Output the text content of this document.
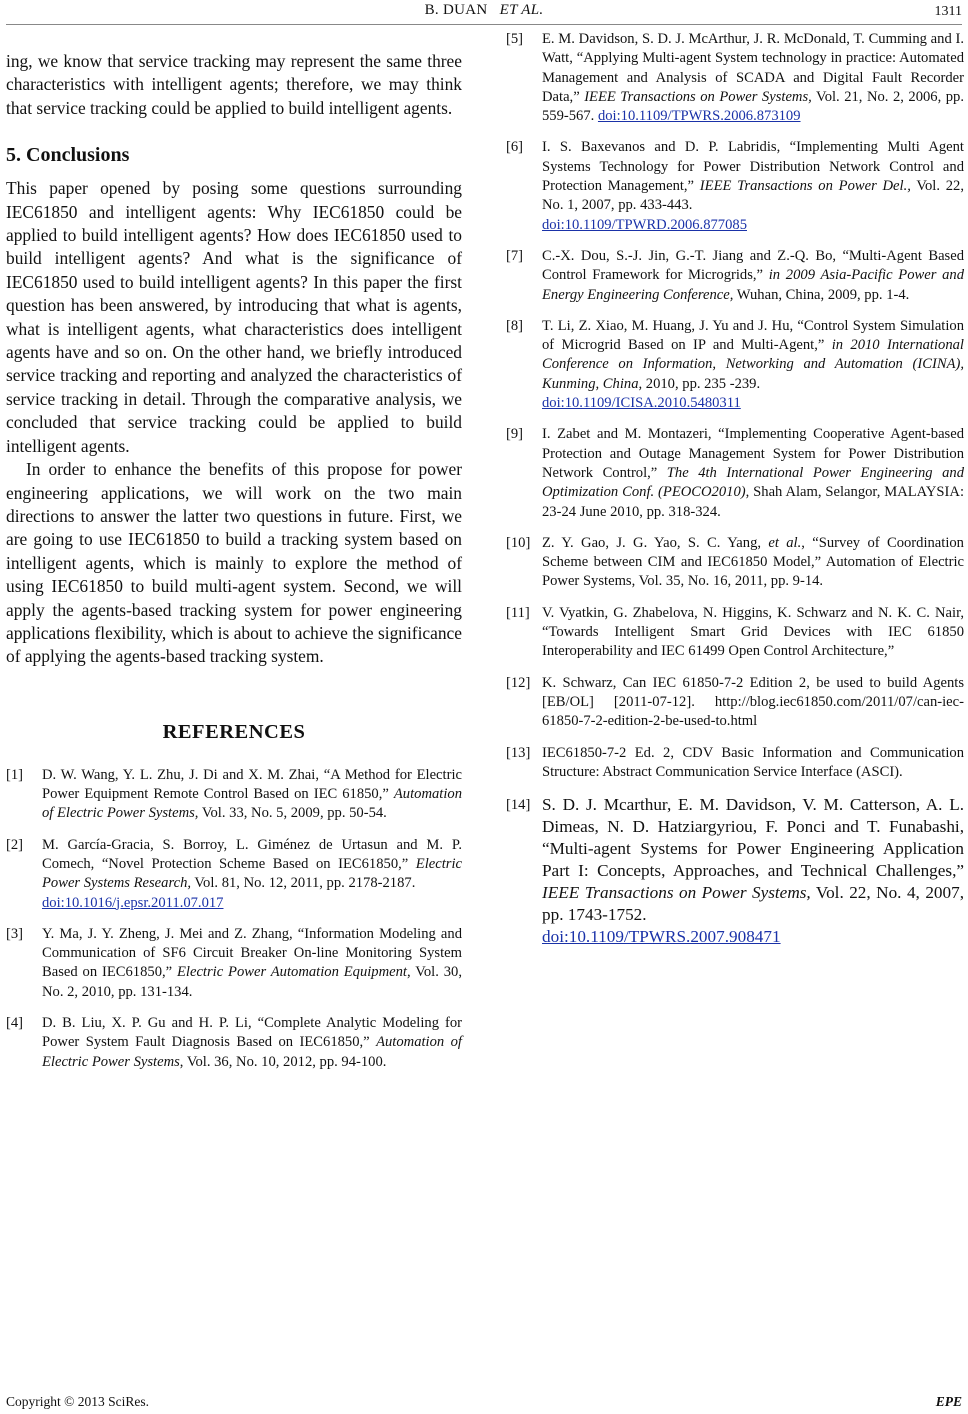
B. DUAN ET AL.	1311

ing, we know that service tracking may represent the same three characteristics with intelligent agents; therefore, we may think that service tracking could be applied to build intelligent agents.

5. Conclusions

This paper opened by posing some questions surrounding IEC61850 and intelligent agents: Why IEC61850 could be applied to build intelligent agents? How does IEC61850 used to build intelligent agents? And what is the significance of IEC61850 used to build intelligent agents? In this paper the first question has been answered, by introducing that what is agents, what is intelligent agents, what characteristics does intelligent agents have and so on. On the other hand, we briefly introduced service tracking and reporting and analyzed the characteristics of service tracking in detail. Through the comparative analysis, we concluded that service tracking could be applied to build intelligent agents.

In order to enhance the benefits of this propose for power engineering applications, we will work on the two main directions to answer the latter two questions in future. First, we are going to use IEC61850 to build a tracking system based on intelligent agents, which is mainly to explore the method of using IEC61850 to build multi-agent system. Second, we will apply the agents-based tracking system for power engineering applications flexibility, which is about to achieve the significance of applying the agents-based tracking system.

REFERENCES
[1]	D. W. Wang, Y. L. Zhu, J. Di and X. M. Zhai, “A Method for Electric Power Equipment Remote Control Based on IEC 61850,” Automation of Electric Power Systems, Vol. 33, No. 5, 2009, pp. 50-54.
[2]	M. García-Gracia, S. Borroy, L. Giménez de Urtasun and M. P. Comech, “Novel Protection Scheme Based on IEC61850,” Electric Power Systems Research, Vol. 81, No. 12, 2011, pp. 2178-2187.
doi:10.1016/j.epsr.2011.07.017
[3]	Y. Ma, J. Y. Zheng, J. Mei and Z. Zhang, “Information Modeling and Communication of SF6 Circuit Breaker On-line Monitoring System Based on IEC61850,” Electric Power Automation Equipment, Vol. 30, No. 2, 2010, pp. 131-134.
[4]	D. B. Liu, X. P. Gu and H. P. Li, “Complete Analytic Modeling for Power System Fault Diagnosis Based on IEC61850,” Automation of Electric Power Systems, Vol. 36, No. 10, 2012, pp. 94-100.
[5]	E. M. Davidson, S. D. J. McArthur, J. R. McDonald, T. Cumming and I. Watt, “Applying Multi-agent System technology in practice: Automated Management and Analysis of SCADA and Digital Fault Recorder Data,” IEEE Transactions on Power Systems, Vol. 21, No. 2, 2006, pp. 559-567. doi:10.1109/TPWRS.2006.873109
[6]	I. S. Baxevanos and D. P. Labridis, “Implementing Multi Agent Systems Technology for Power Distribution Network Control and Protection Management,” IEEE Transactions on Power Del., Vol. 22, No. 1, 2007, pp. 433-443.
doi:10.1109/TPWRD.2006.877085
[7]	C.-X. Dou, S.-J. Jin, G.-T. Jiang and Z.-Q. Bo, “Multi-Agent Based Control Framework for Microgrids,” in 2009 Asia-Pacific Power and Energy Engineering Conference, Wuhan, China, 2009, pp. 1-4.
[8]	T. Li, Z. Xiao, M. Huang, J. Yu and J. Hu, “Control System Simulation of Microgrid Based on IP and Multi-Agent,” in 2010 International Conference on Information, Networking and Automation (ICINA), Kunming, China, 2010, pp. 235 -239.
doi:10.1109/ICISA.2010.5480311
[9]	I. Zabet and M. Montazeri, “Implementing Cooperative Agent-based Protection and Outage Management System for Power Distribution Network Control,” The 4th International Power Engineering and Optimization Conf. (PEOCO2010), Shah Alam, Selangor, MALAYSIA: 23-24 June 2010, pp. 318-324.
[10] Z. Y. Gao, J. G. Yao, S. C. Yang, et al., “Survey of Coordination Scheme between CIM and IEC61850 Model,” Automation of Electric Power Systems, Vol. 35, No. 16, 2011, pp. 9-14.
[11] V. Vyatkin, G. Zhabelova, N. Higgins, K. Schwarz and N. K. C. Nair, “Towards Intelligent Smart Grid Devices with IEC 61850 Interoperability and IEC 61499 Open Control Architecture,”
[12] K. Schwarz, Can IEC 61850-7-2 Edition 2, be used to build Agents [EB/OL] [2011-07-12]. http://blog.iec61850.com/2011/07/can-iec-61850-7-2-edition-2-be-used-to.html
[13] IEC61850-7-2 Ed. 2, CDV Basic Information and Communication Structure: Abstract Communication Service Interface (ASCI).
[14] S. D. J. Mcarthur, E. M. Davidson, V. M. Catterson, A. L. Dimeas, N. D. Hatziargyriou, F. Ponci and T. Funabashi, “Multi-agent Systems for Power Engineering Application Part I: Concepts, Approaches, and Technical Challenges,” IEEE Transactions on Power Systems, Vol. 22, No. 4, 2007, pp. 1743-1752.
doi:10.1109/TPWRS.2007.908471
Copyright © 2013 SciRes.	EPE
